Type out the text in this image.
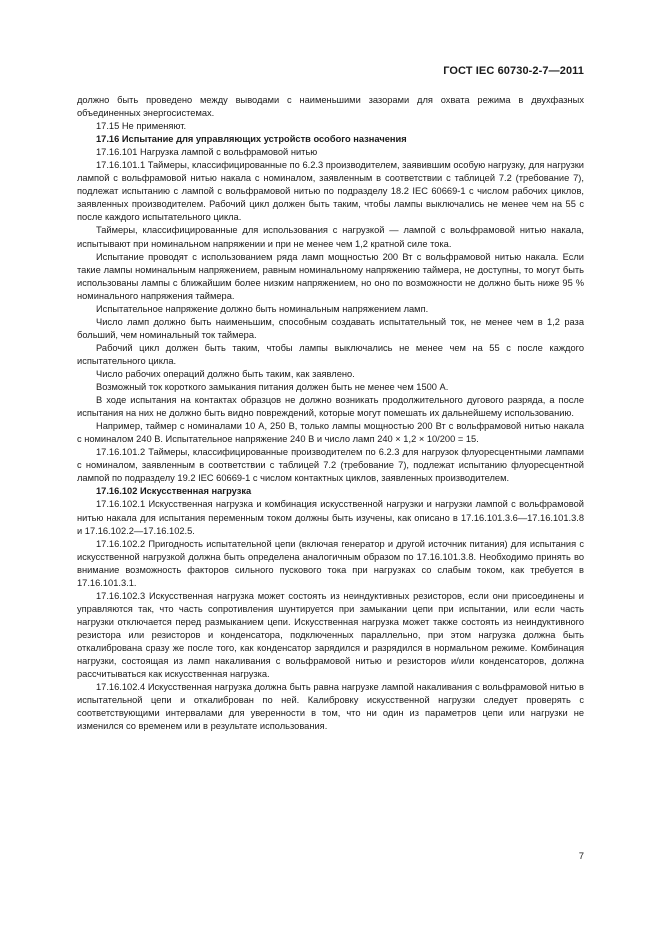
ГОСТ IEC 60730-2-7—2011

должно быть проведено между выводами с наименьшими зазорами для охвата режима в двухфазных объединенных энергосистемах.

17.15 Не применяют.

17.16 Испытание для управляющих устройств особого назначения

17.16.101 Нагрузка лампой с вольфрамовой нитью

17.16.101.1 Таймеры, классифицированные по 6.2.3 производителем, заявившим особую нагрузку, для нагрузки лампой с вольфрамовой нитью накала с номиналом, заявленным в соответствии с таблицей 7.2 (требование 7), подлежат испытанию с лампой с вольфрамовой нитью по подразделу 18.2 IEC 60669-1 с числом рабочих циклов, заявленных производителем. Рабочий цикл должен быть таким, чтобы лампы выключались не менее чем на 55 с после каждого испытательного цикла.

Таймеры, классифицированные для использования с нагрузкой — лампой с вольфрамовой нитью накала, испытывают при номинальном напряжении и при не менее чем 1,2 кратной силе тока.

Испытание проводят с использованием ряда ламп мощностью 200 Вт с вольфрамовой нитью накала. Если такие лампы номинальным напряжением, равным номинальному напряжению таймера, не доступны, то могут быть использованы лампы с ближайшим более низким напряжением, но оно по возможности не должно быть ниже 95 % номинального напряжения таймера.

Испытательное напряжение должно быть номинальным напряжением ламп.

Число ламп должно быть наименьшим, способным создавать испытательный ток, не менее чем в 1,2 раза больший, чем номинальный ток таймера.

Рабочий цикл должен быть таким, чтобы лампы выключались не менее чем на 55 с после каждого испытательного цикла.

Число рабочих операций должно быть таким, как заявлено.

Возможный ток короткого замыкания питания должен быть не менее чем 1500 А.

В ходе испытания на контактах образцов не должно возникать продолжительного дугового разряда, а после испытания на них не должно быть видно повреждений, которые могут помешать их дальнейшему использованию.

Например, таймер с номиналами 10 А, 250 В, только лампы мощностью 200 Вт с вольфрамовой нитью накала с номиналом 240 В. Испытательное напряжение 240 В и число ламп 240 × 1,2 × 10/200 = 15.

17.16.101.2 Таймеры, классифицированные производителем по 6.2.3 для нагрузок флуоресцентными лампами с номиналом, заявленным в соответствии с таблицей 7.2 (требование 7), подлежат испытанию флуоресцентной лампой по подразделу 19.2 IEC 60669-1 с числом контактных циклов, заявленных производителем.

17.16.102 Искусственная нагрузка

17.16.102.1 Искусственная нагрузка и комбинация искусственной нагрузки и нагрузки лампой с вольфрамовой нитью накала для испытания переменным током должны быть изучены, как описано в 17.16.101.3.6—17.16.101.3.8 и 17.16.102.2—17.16.102.5.

17.16.102.2 Пригодность испытательной цепи (включая генератор и другой источник питания) для испытания с искусственной нагрузкой должна быть определена аналогичным образом по 17.16.101.3.8. Необходимо принять во внимание возможность факторов сильного пускового тока при нагрузках со слабым током, как требуется в 17.16.101.3.1.

17.16.102.3 Искусственная нагрузка может состоять из неиндуктивных резисторов, если они присоединены и управляются так, что часть сопротивления шунтируется при замыкании цепи при испытании, или если часть нагрузки отключается перед размыканием цепи. Искусственная нагрузка может также состоять из неиндуктивного резистора или резисторов и конденсатора, подключенных параллельно, при этом нагрузка должна быть откалибрована сразу же после того, как конденсатор зарядился и разрядился в нормальном режиме. Комбинация нагрузки, состоящая из ламп накаливания с вольфрамовой нитью и резисторов и/или конденсаторов, должна рассчитываться как искусственная нагрузка.

17.16.102.4 Искусственная нагрузка должна быть равна нагрузке лампой накаливания с вольфрамовой нитью в испытательной цепи и откалиброван по ней. Калибровку искусственной нагрузки следует проверять с соответствующими интервалами для уверенности в том, что ни один из параметров цепи или нагрузки не изменился со временем или в результате использования.

7
